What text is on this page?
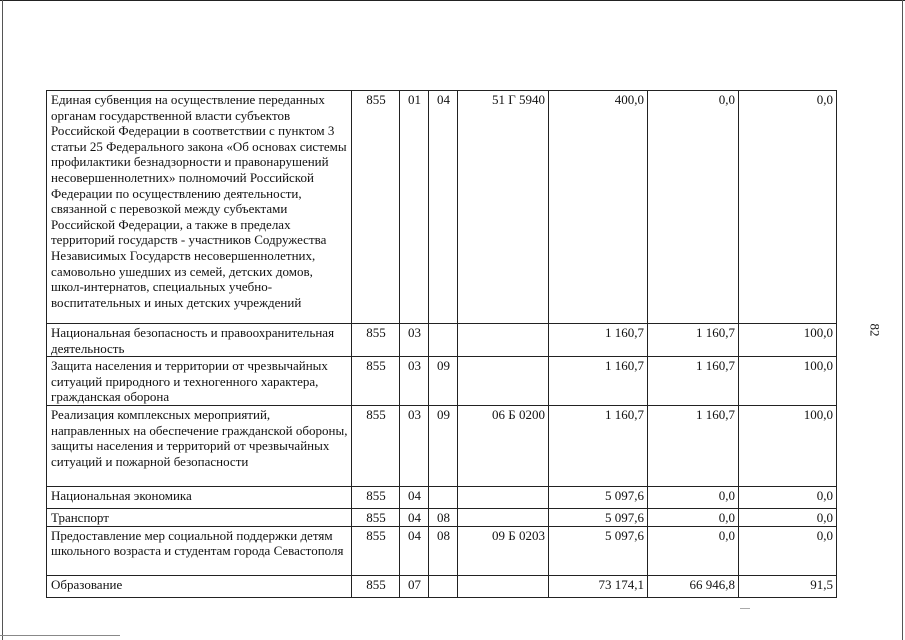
Единая субвенция на осуществление переданных органам государственной власти субъектов Российской Федерации в соответствии с пунктом 3 статьи 25 Федерального закона «Об основах системы профилактики безнадзорности и правонарушений несовершеннолетних» полномочий Российской Федерации по осуществлению деятельности, связанной с перевозкой между субъектами Российской Федерации, а также в пределах территорий государств - участников Содружества Независимых Государств несовершеннолетних, самовольно ушедших из семей, детских домов, школ-интернатов, специальных учебно-воспитательных и иных детских учреждений	855	01	04	51 Г 5940	400,0	0,0	0,0
Национальная безопасность и правоохранительная деятельность	855	03			1 160,7	1 160,7	100,0
Защита населения и территории от чрезвычайных ситуаций природного и техногенного характера, гражданская оборона	855	03	09		1 160,7	1 160,7	100,0
Реализация комплексных мероприятий, направленных на обеспечение гражданской обороны, защиты населения и территорий от чрезвычайных ситуаций и пожарной безопасности	855	03	09	06 Б 0200	1 160,7	1 160,7	100,0
Национальная экономика	855	04			5 097,6	0,0	0,0
Транспорт	855	04	08		5 097,6	0,0	0,0
Предоставление мер социальной поддержки детям школьного возраста и студентам города Севастополя	855	04	08	09 Б 0203	5 097,6	0,0	0,0
Образование	855	07			73 174,1	66 946,8	91,5
82
